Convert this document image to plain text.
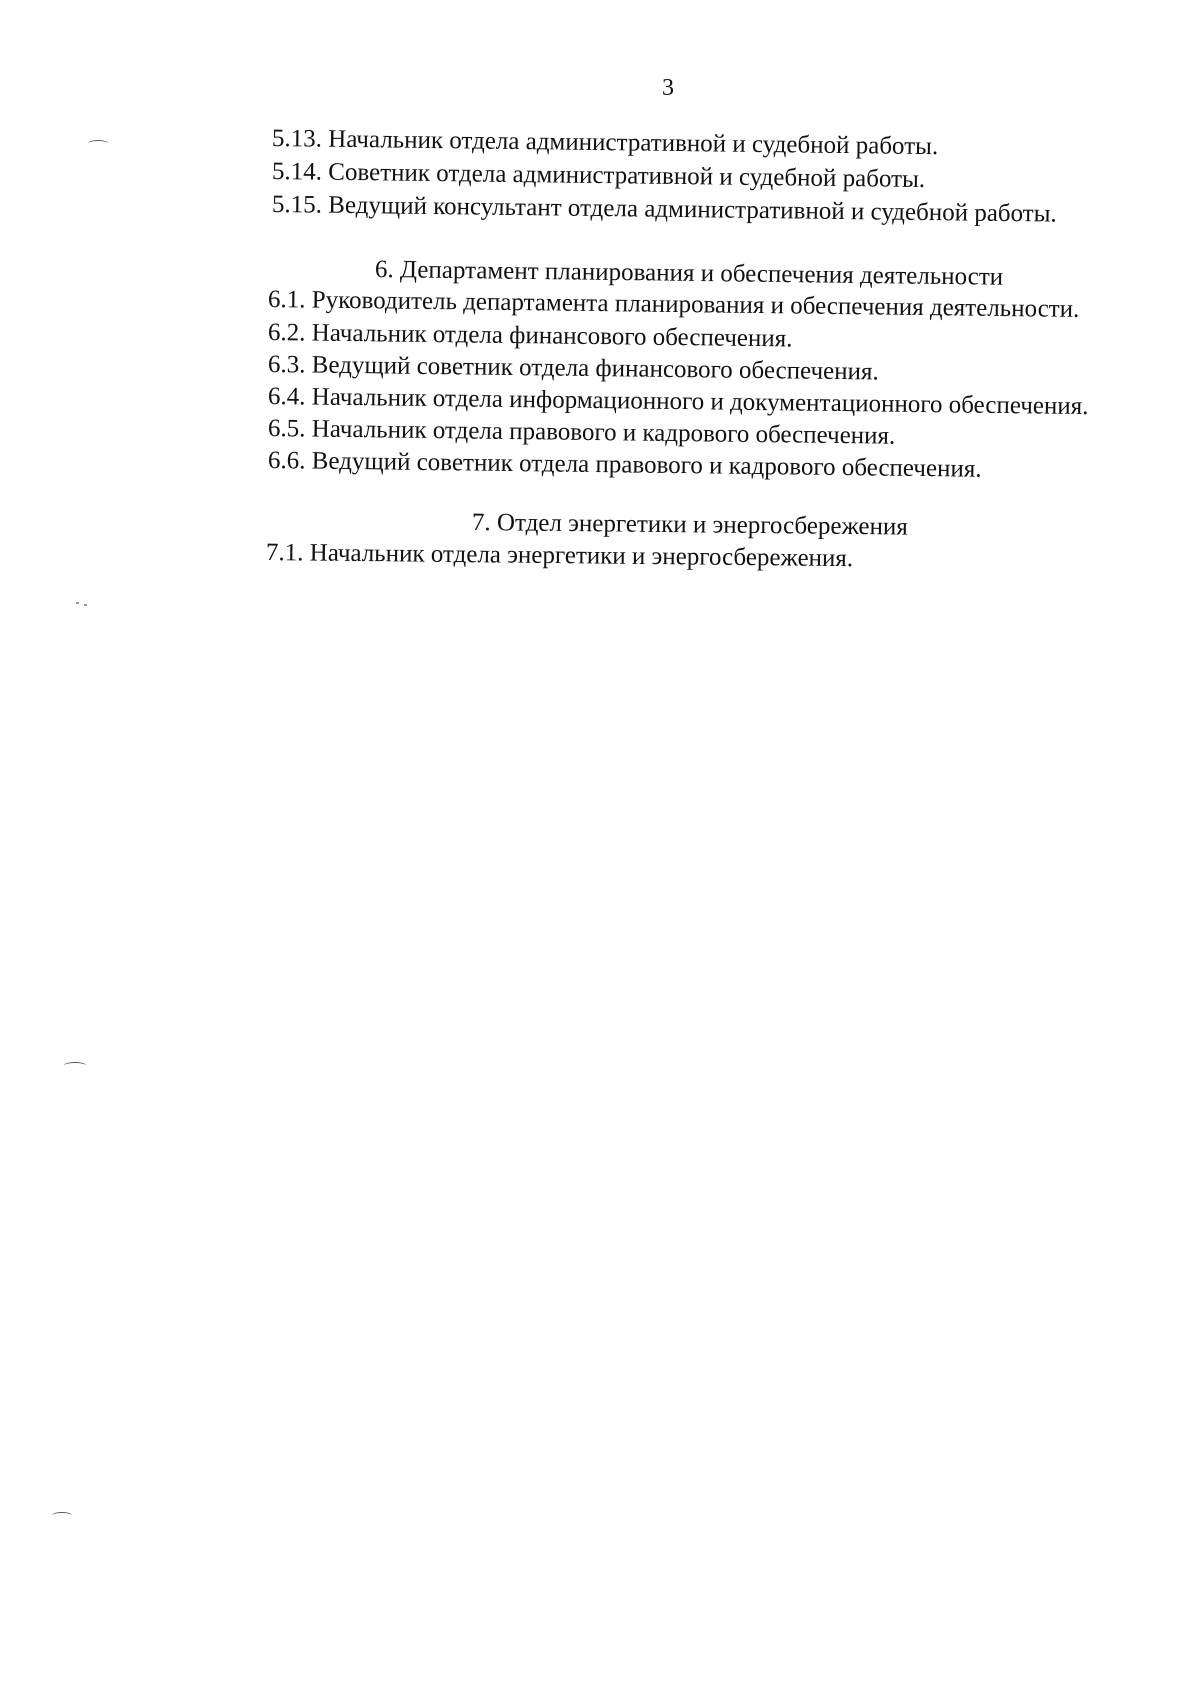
3
5.13. Начальник отдела административной и судебной работы.
5.14. Советник отдела административной и судебной работы.
5.15. Ведущий консультант отдела административной и судебной работы.
6. Департамент планирования и обеспечения деятельности
6.1. Руководитель департамента планирования и обеспечения деятельности.
6.2. Начальник отдела финансового обеспечения.
6.3. Ведущий советник отдела финансового обеспечения.
6.4. Начальник отдела информационного и документационного обеспечения.
6.5. Начальник отдела правового и кадрового обеспечения.
6.6. Ведущий советник отдела правового и кадрового обеспечения.
7. Отдел энергетики и энергосбережения
7.1. Начальник отдела энергетики и энергосбережения.
